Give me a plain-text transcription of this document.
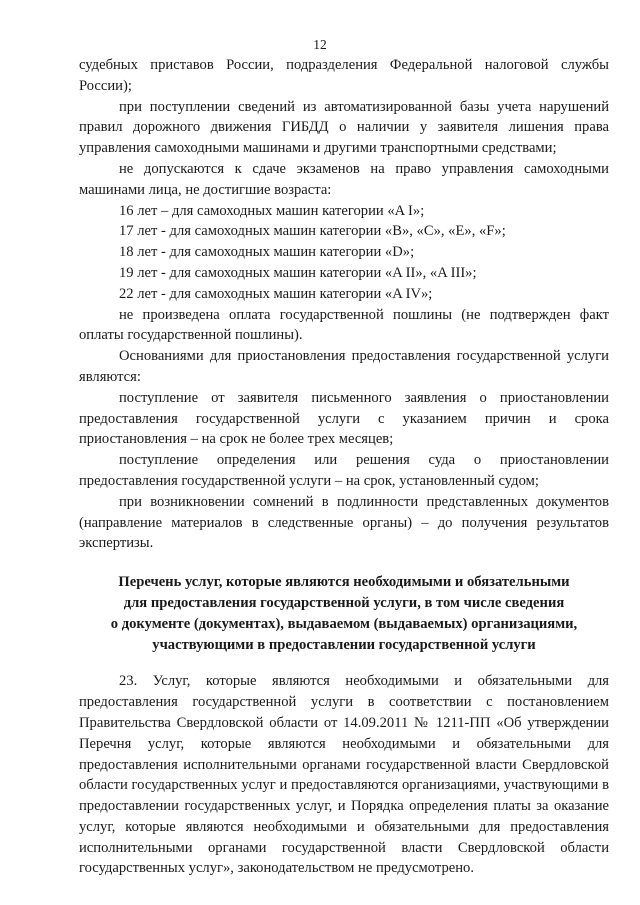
12

судебных приставов России, подразделения Федеральной налоговой службы России);

при поступлении сведений из автоматизированной базы учета нарушений правил дорожного движения ГИБДД о наличии у заявителя лишения права управления самоходными машинами и другими транспортными средствами;

не допускаются к сдаче экзаменов на право управления самоходными машинами лица, не достигшие возраста:

16 лет – для самоходных машин категории «A I»;

17 лет - для самоходных машин категории «B», «C», «E», «F»;

18 лет - для самоходных машин категории «D»;

19 лет - для самоходных машин категории «A II», «A III»;

22 лет - для самоходных машин категории «A IV»;

не произведена оплата государственной пошлины (не подтвержден факт оплаты государственной пошлины).

Основаниями для приостановления предоставления государственной услуги являются:

поступление от заявителя письменного заявления о приостановлении предоставления государственной услуги с указанием причин и срока приостановления – на срок не более трех месяцев;

поступление определения или решения суда о приостановлении предоставления государственной услуги – на срок, установленный судом;

при возникновении сомнений в подлинности представленных документов (направление материалов в следственные органы) – до получения результатов экспертизы.

Перечень услуг, которые являются необходимыми и обязательными
для предоставления государственной услуги, в том числе сведения
о документе (документах), выдаваемом (выдаваемых) организациями,
участвующими в предоставлении государственной услуги

23. Услуг, которые являются необходимыми и обязательными для предоставления государственной услуги в соответствии с постановлением Правительства Свердловской области от 14.09.2011 № 1211-ПП «Об утверждении Перечня услуг, которые являются необходимыми и обязательными для предоставления исполнительными органами государственной власти Свердловской области государственных услуг и предоставляются организациями, участвующими в предоставлении государственных услуг, и Порядка определения платы за оказание услуг, которые являются необходимыми и обязательными для предоставления исполнительными органами государственной власти Свердловской области государственных услуг», законодательством не предусмотрено.
